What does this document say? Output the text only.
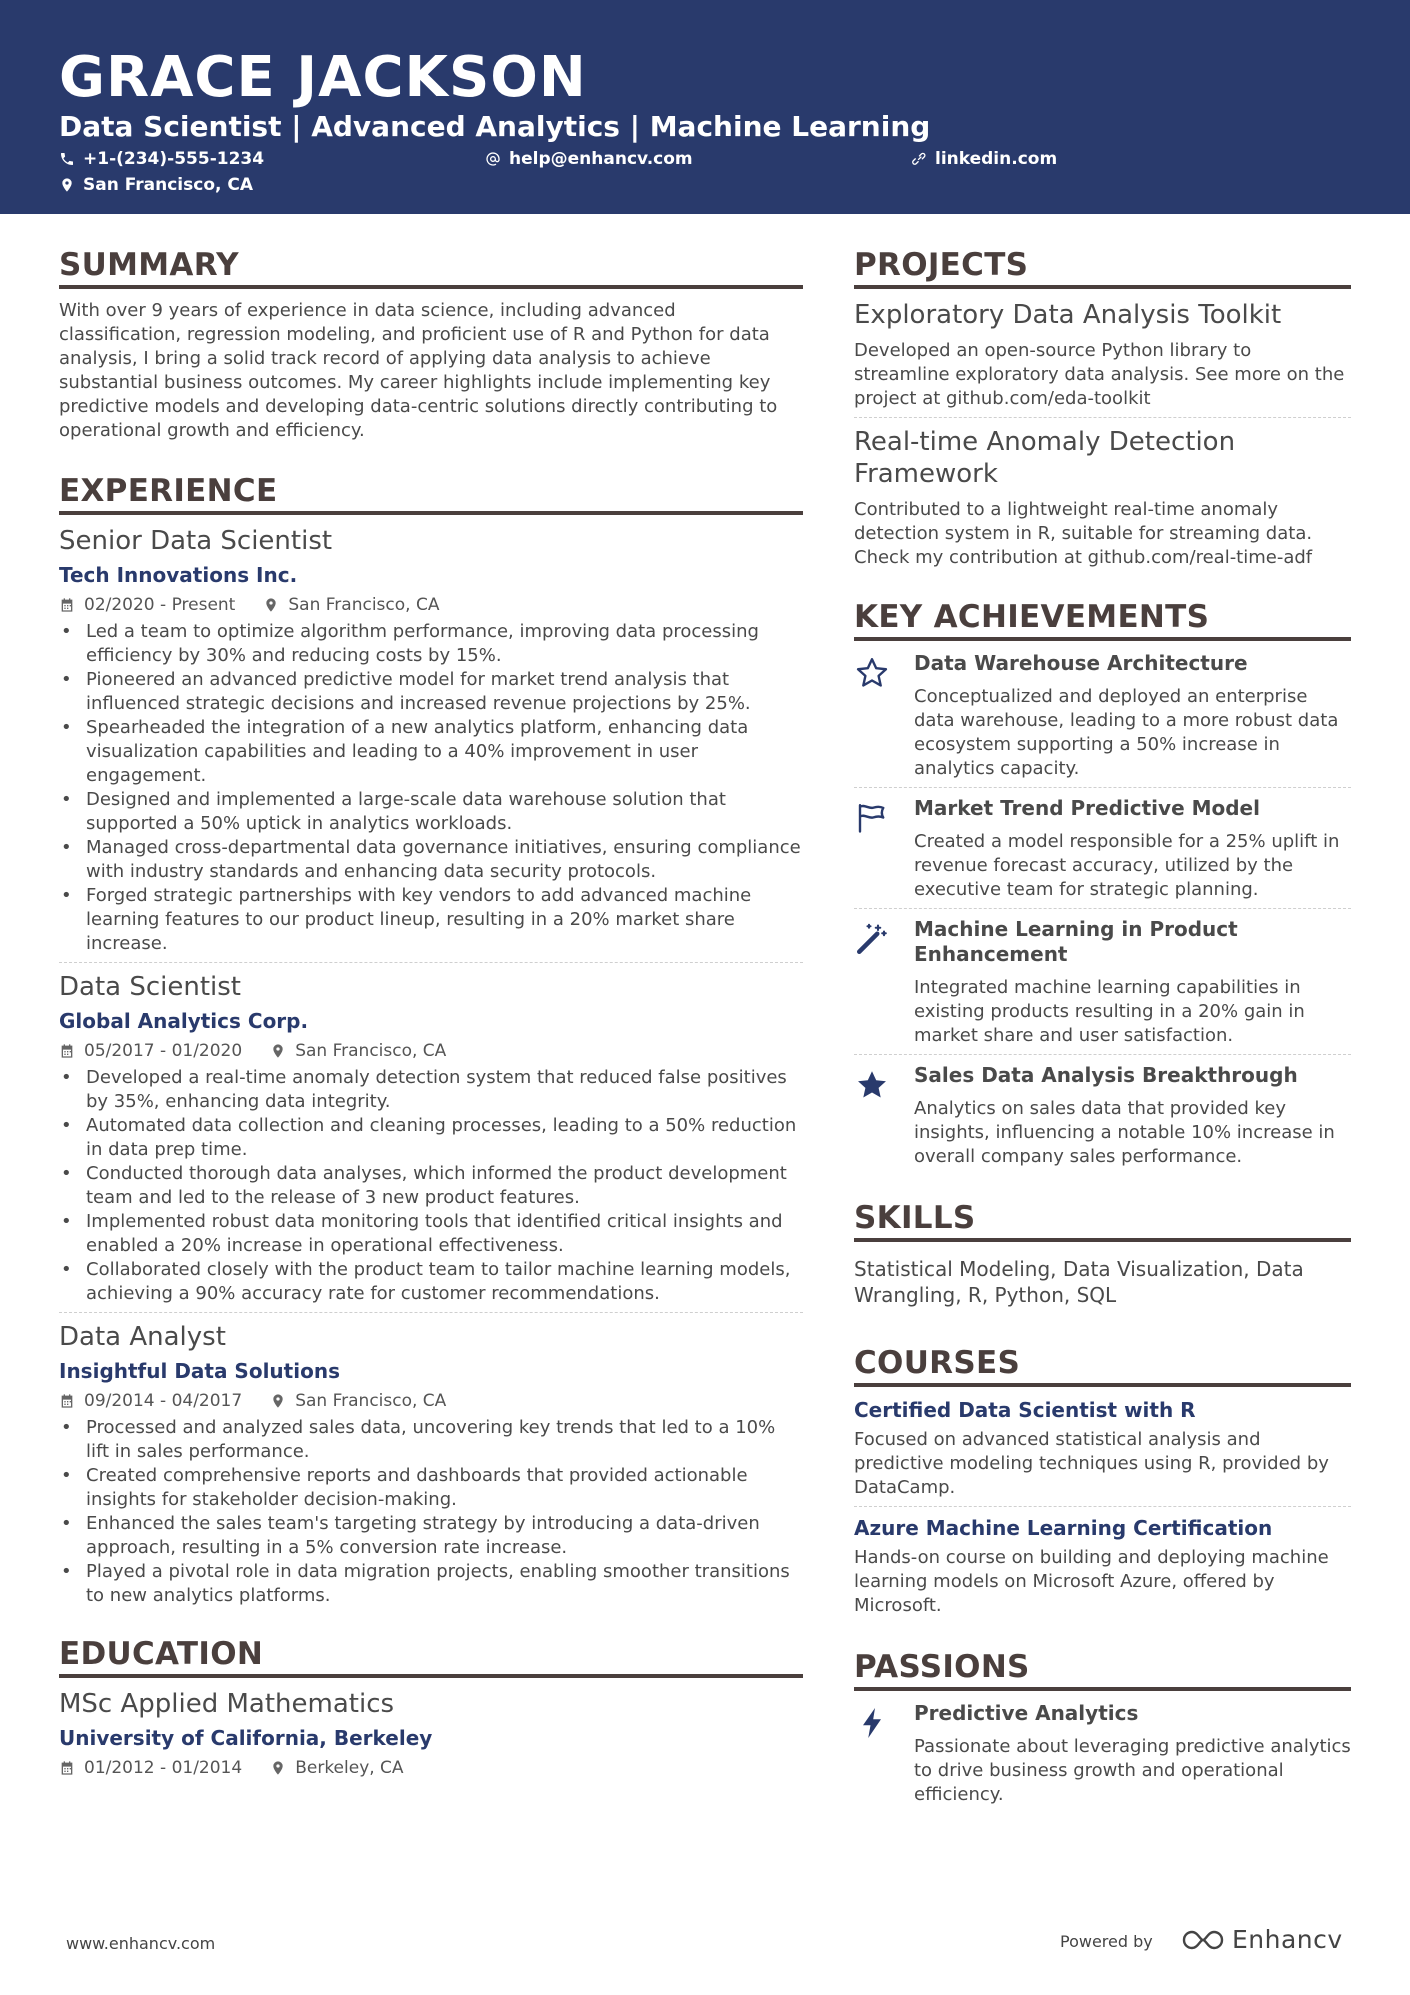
GRACE JACKSON
Data Scientist | Advanced Analytics | Machine Learning
+1-(234)-555-1234	help@enhancv.com	linkedin.com
San Francisco, CA
SUMMARY
With over 9 years of experience in data science, including advanced classification, regression modeling, and proficient use of R and Python for data analysis, I bring a solid track record of applying data analysis to achieve substantial business outcomes. My career highlights include implementing key predictive models and developing data-centric solutions directly contributing to operational growth and efficiency.
EXPERIENCE
Senior Data Scientist
Tech Innovations Inc.
02/2020 - Present	San Francisco, CA
• Led a team to optimize algorithm performance, improving data processing efficiency by 30% and reducing costs by 15%.
• Pioneered an advanced predictive model for market trend analysis that influenced strategic decisions and increased revenue projections by 25%.
• Spearheaded the integration of a new analytics platform, enhancing data visualization capabilities and leading to a 40% improvement in user engagement.
• Designed and implemented a large-scale data warehouse solution that supported a 50% uptick in analytics workloads.
• Managed cross-departmental data governance initiatives, ensuring compliance with industry standards and enhancing data security protocols.
• Forged strategic partnerships with key vendors to add advanced machine learning features to our product lineup, resulting in a 20% market share increase.
Data Scientist
Global Analytics Corp.
05/2017 - 01/2020	San Francisco, CA
• Developed a real-time anomaly detection system that reduced false positives by 35%, enhancing data integrity.
• Automated data collection and cleaning processes, leading to a 50% reduction in data prep time.
• Conducted thorough data analyses, which informed the product development team and led to the release of 3 new product features.
• Implemented robust data monitoring tools that identified critical insights and enabled a 20% increase in operational effectiveness.
• Collaborated closely with the product team to tailor machine learning models, achieving a 90% accuracy rate for customer recommendations.
Data Analyst
Insightful Data Solutions
09/2014 - 04/2017	San Francisco, CA
• Processed and analyzed sales data, uncovering key trends that led to a 10% lift in sales performance.
• Created comprehensive reports and dashboards that provided actionable insights for stakeholder decision-making.
• Enhanced the sales team's targeting strategy by introducing a data-driven approach, resulting in a 5% conversion rate increase.
• Played a pivotal role in data migration projects, enabling smoother transitions to new analytics platforms.
EDUCATION
MSc Applied Mathematics
University of California, Berkeley
01/2012 - 01/2014	Berkeley, CA
PROJECTS
Exploratory Data Analysis Toolkit
Developed an open-source Python library to streamline exploratory data analysis. See more on the project at github.com/eda-toolkit
Real-time Anomaly Detection Framework
Contributed to a lightweight real-time anomaly detection system in R, suitable for streaming data. Check my contribution at github.com/real-time-adf
KEY ACHIEVEMENTS
Data Warehouse Architecture
Conceptualized and deployed an enterprise data warehouse, leading to a more robust data ecosystem supporting a 50% increase in analytics capacity.
Market Trend Predictive Model
Created a model responsible for a 25% uplift in revenue forecast accuracy, utilized by the executive team for strategic planning.
Machine Learning in Product Enhancement
Integrated machine learning capabilities in existing products resulting in a 20% gain in market share and user satisfaction.
Sales Data Analysis Breakthrough
Analytics on sales data that provided key insights, influencing a notable 10% increase in overall company sales performance.
SKILLS
Statistical Modeling, Data Visualization, Data Wrangling, R, Python, SQL
COURSES
Certified Data Scientist with R
Focused on advanced statistical analysis and predictive modeling techniques using R, provided by DataCamp.
Azure Machine Learning Certification
Hands-on course on building and deploying machine learning models on Microsoft Azure, offered by Microsoft.
PASSIONS
Predictive Analytics
Passionate about leveraging predictive analytics to drive business growth and operational efficiency.
www.enhancv.com	Powered by	Enhancv
